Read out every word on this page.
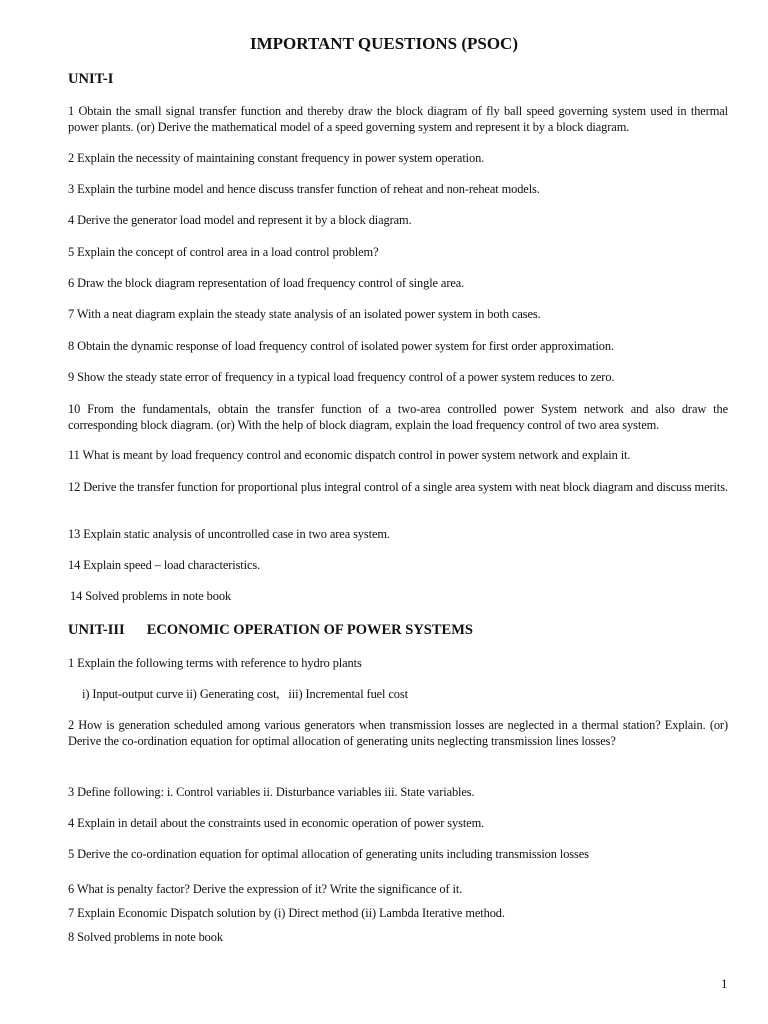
IMPORTANT QUESTIONS (PSOC)
UNIT-I
1 Obtain the small signal transfer function and thereby draw the block diagram of fly ball speed governing system used in thermal power plants. (or) Derive the mathematical model of a speed governing system and represent it by a block diagram.
2 Explain the necessity of maintaining constant frequency in power system operation.
3 Explain the turbine model and hence discuss transfer function of reheat and non-reheat models.
4 Derive the generator load model and represent it by a block diagram.
5 Explain the concept of control area in a load control problem?
6 Draw the block diagram representation of load frequency control of single area.
7 With a neat diagram explain the steady state analysis of an isolated power system in both cases.
8 Obtain the dynamic response of load frequency control of isolated power system for first order approximation.
9 Show the steady state error of frequency in a typical load frequency control of a power system reduces to zero.
10 From the fundamentals, obtain the transfer function of a two-area controlled power System network and also draw the corresponding block diagram. (or) With the help of block diagram, explain the load frequency control of two area system.
11 What is meant by load frequency control and economic dispatch control in power system network and explain it.
12 Derive the transfer function for proportional plus integral control of a single area system with neat block diagram and discuss merits.
13 Explain static analysis of uncontrolled case in two area system.
14 Explain speed – load characteristics.
14 Solved problems in note book
UNIT-III ECONOMIC OPERATION OF POWER SYSTEMS
1 Explain the following terms with reference to hydro plants
i) Input-output curve ii) Generating cost,   iii) Incremental fuel cost
2 How is generation scheduled among various generators when transmission losses are neglected in a thermal station? Explain. (or) Derive the co-ordination equation for optimal allocation of generating units neglecting transmission lines losses?
3 Define following: i. Control variables ii. Disturbance variables iii. State variables.
4 Explain in detail about the constraints used in economic operation of power system.
5 Derive the co-ordination equation for optimal allocation of generating units including transmission losses
6 What is penalty factor? Derive the expression of it? Write the significance of it.
7 Explain Economic Dispatch solution by (i) Direct method (ii) Lambda Iterative method.
8 Solved problems in note book
1
